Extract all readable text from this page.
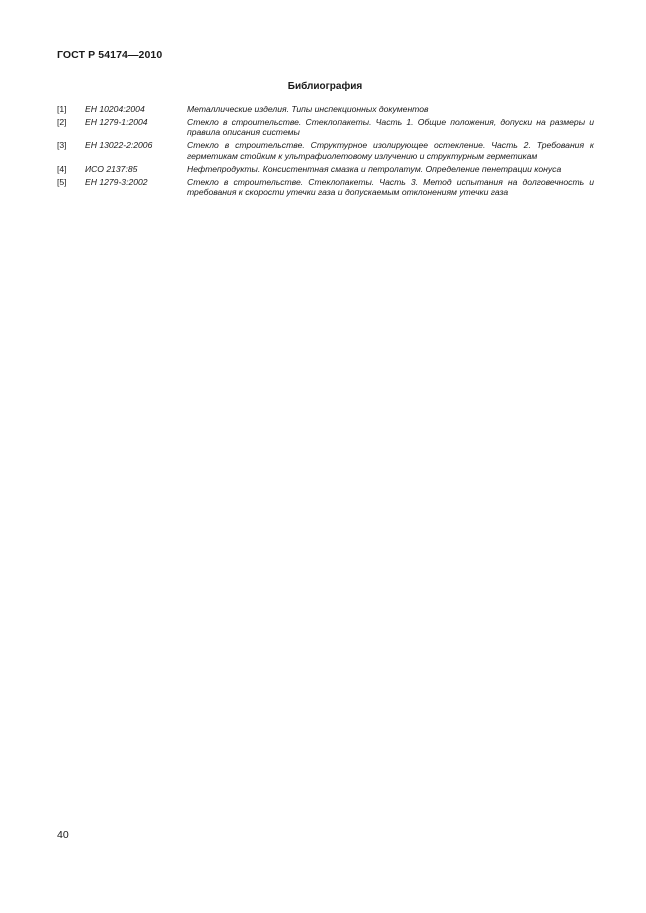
ГОСТ Р 54174—2010
Библиография
[1]	ЕН 10204:2004	Металлические изделия. Типы инспекционных документов
[2]	ЕН 1279-1:2004	Стекло в строительстве. Стеклопакеты. Часть 1. Общие положения, допуски на размеры и правила описания системы
[3]	ЕН 13022-2:2006	Стекло в строительстве. Структурное изолирующее остекление. Часть 2. Требования к герметикам стойким к ультрафиолетовому излучению и структурным герметикам
[4]	ИСО 2137:85	Нефтепродукты. Консистентная смазка и петролатум. Определение пенетрации конуса
[5]	ЕН 1279-3:2002	Стекло в строительстве. Стеклопакеты. Часть 3. Метод испытания на долговечность и требования к скорости утечки газа и допускаемым отклонениям утечки газа
40
